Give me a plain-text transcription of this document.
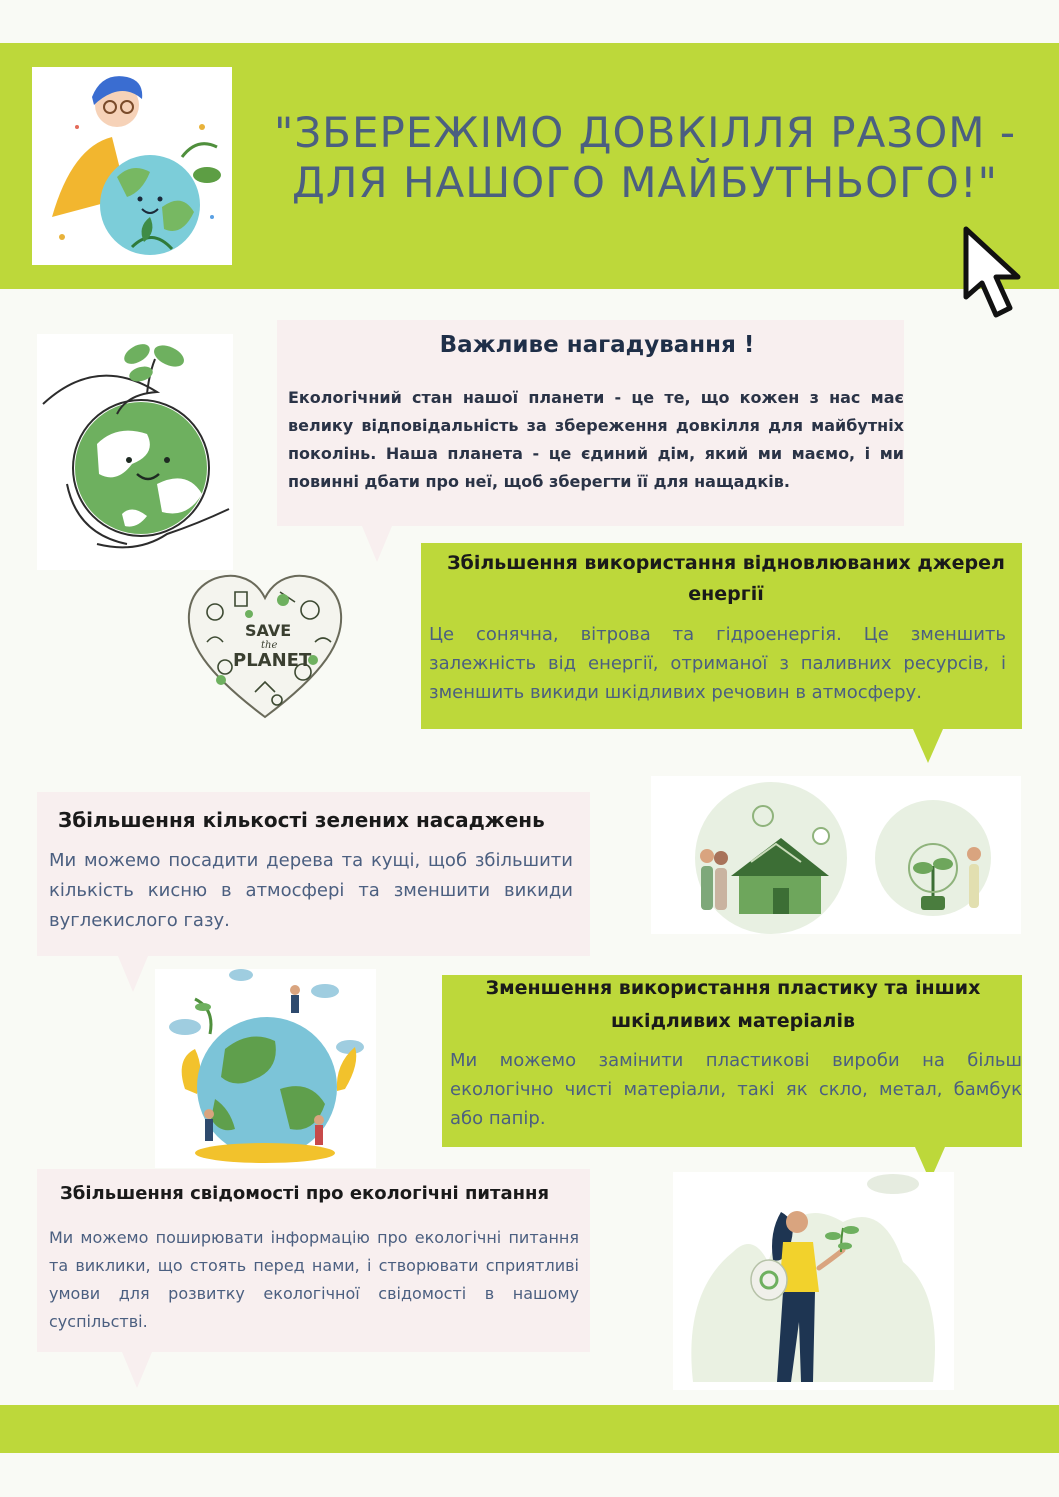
"ЗБЕРЕЖІМО ДОВКІЛЛЯ РАЗОМ -
ДЛЯ НАШОГО МАЙБУТНЬОГО!"
Важливе нагадування !
Екологічний стан нашої планети - це те, що кожен з нас має велику відповідальність за збереження довкілля для майбутніх поколінь. Наша планета - це єдиний дім, який ми маємо, і ми повинні дбати про неї, щоб зберегти її для нащадків.
SAVE
the
PLANET
Збільшення використання відновлюваних джерел енергії
Це сонячна, вітрова та гідроенергія. Це зменшить залежність від енергії, отриманої з паливних ресурсів, і зменшить викиди шкідливих речовин в атмосферу.
Збільшення кількості зелених насаджень
Ми можемо посадити дерева та кущі, щоб збільшити кількість кисню в атмосфері та зменшити викиди вуглекислого газу.
Зменшення використання пластику та інших шкідливих матеріалів
Ми можемо замінити пластикові вироби на більш екологічно чисті матеріали, такі як скло, метал, бамбук або папір.
Збільшення свідомості про екологічні питання
Ми можемо поширювати інформацію про екологічні питання та виклики, що стоять перед нами, і створювати сприятливі умови для розвитку екологічної свідомості в нашому суспільстві.
